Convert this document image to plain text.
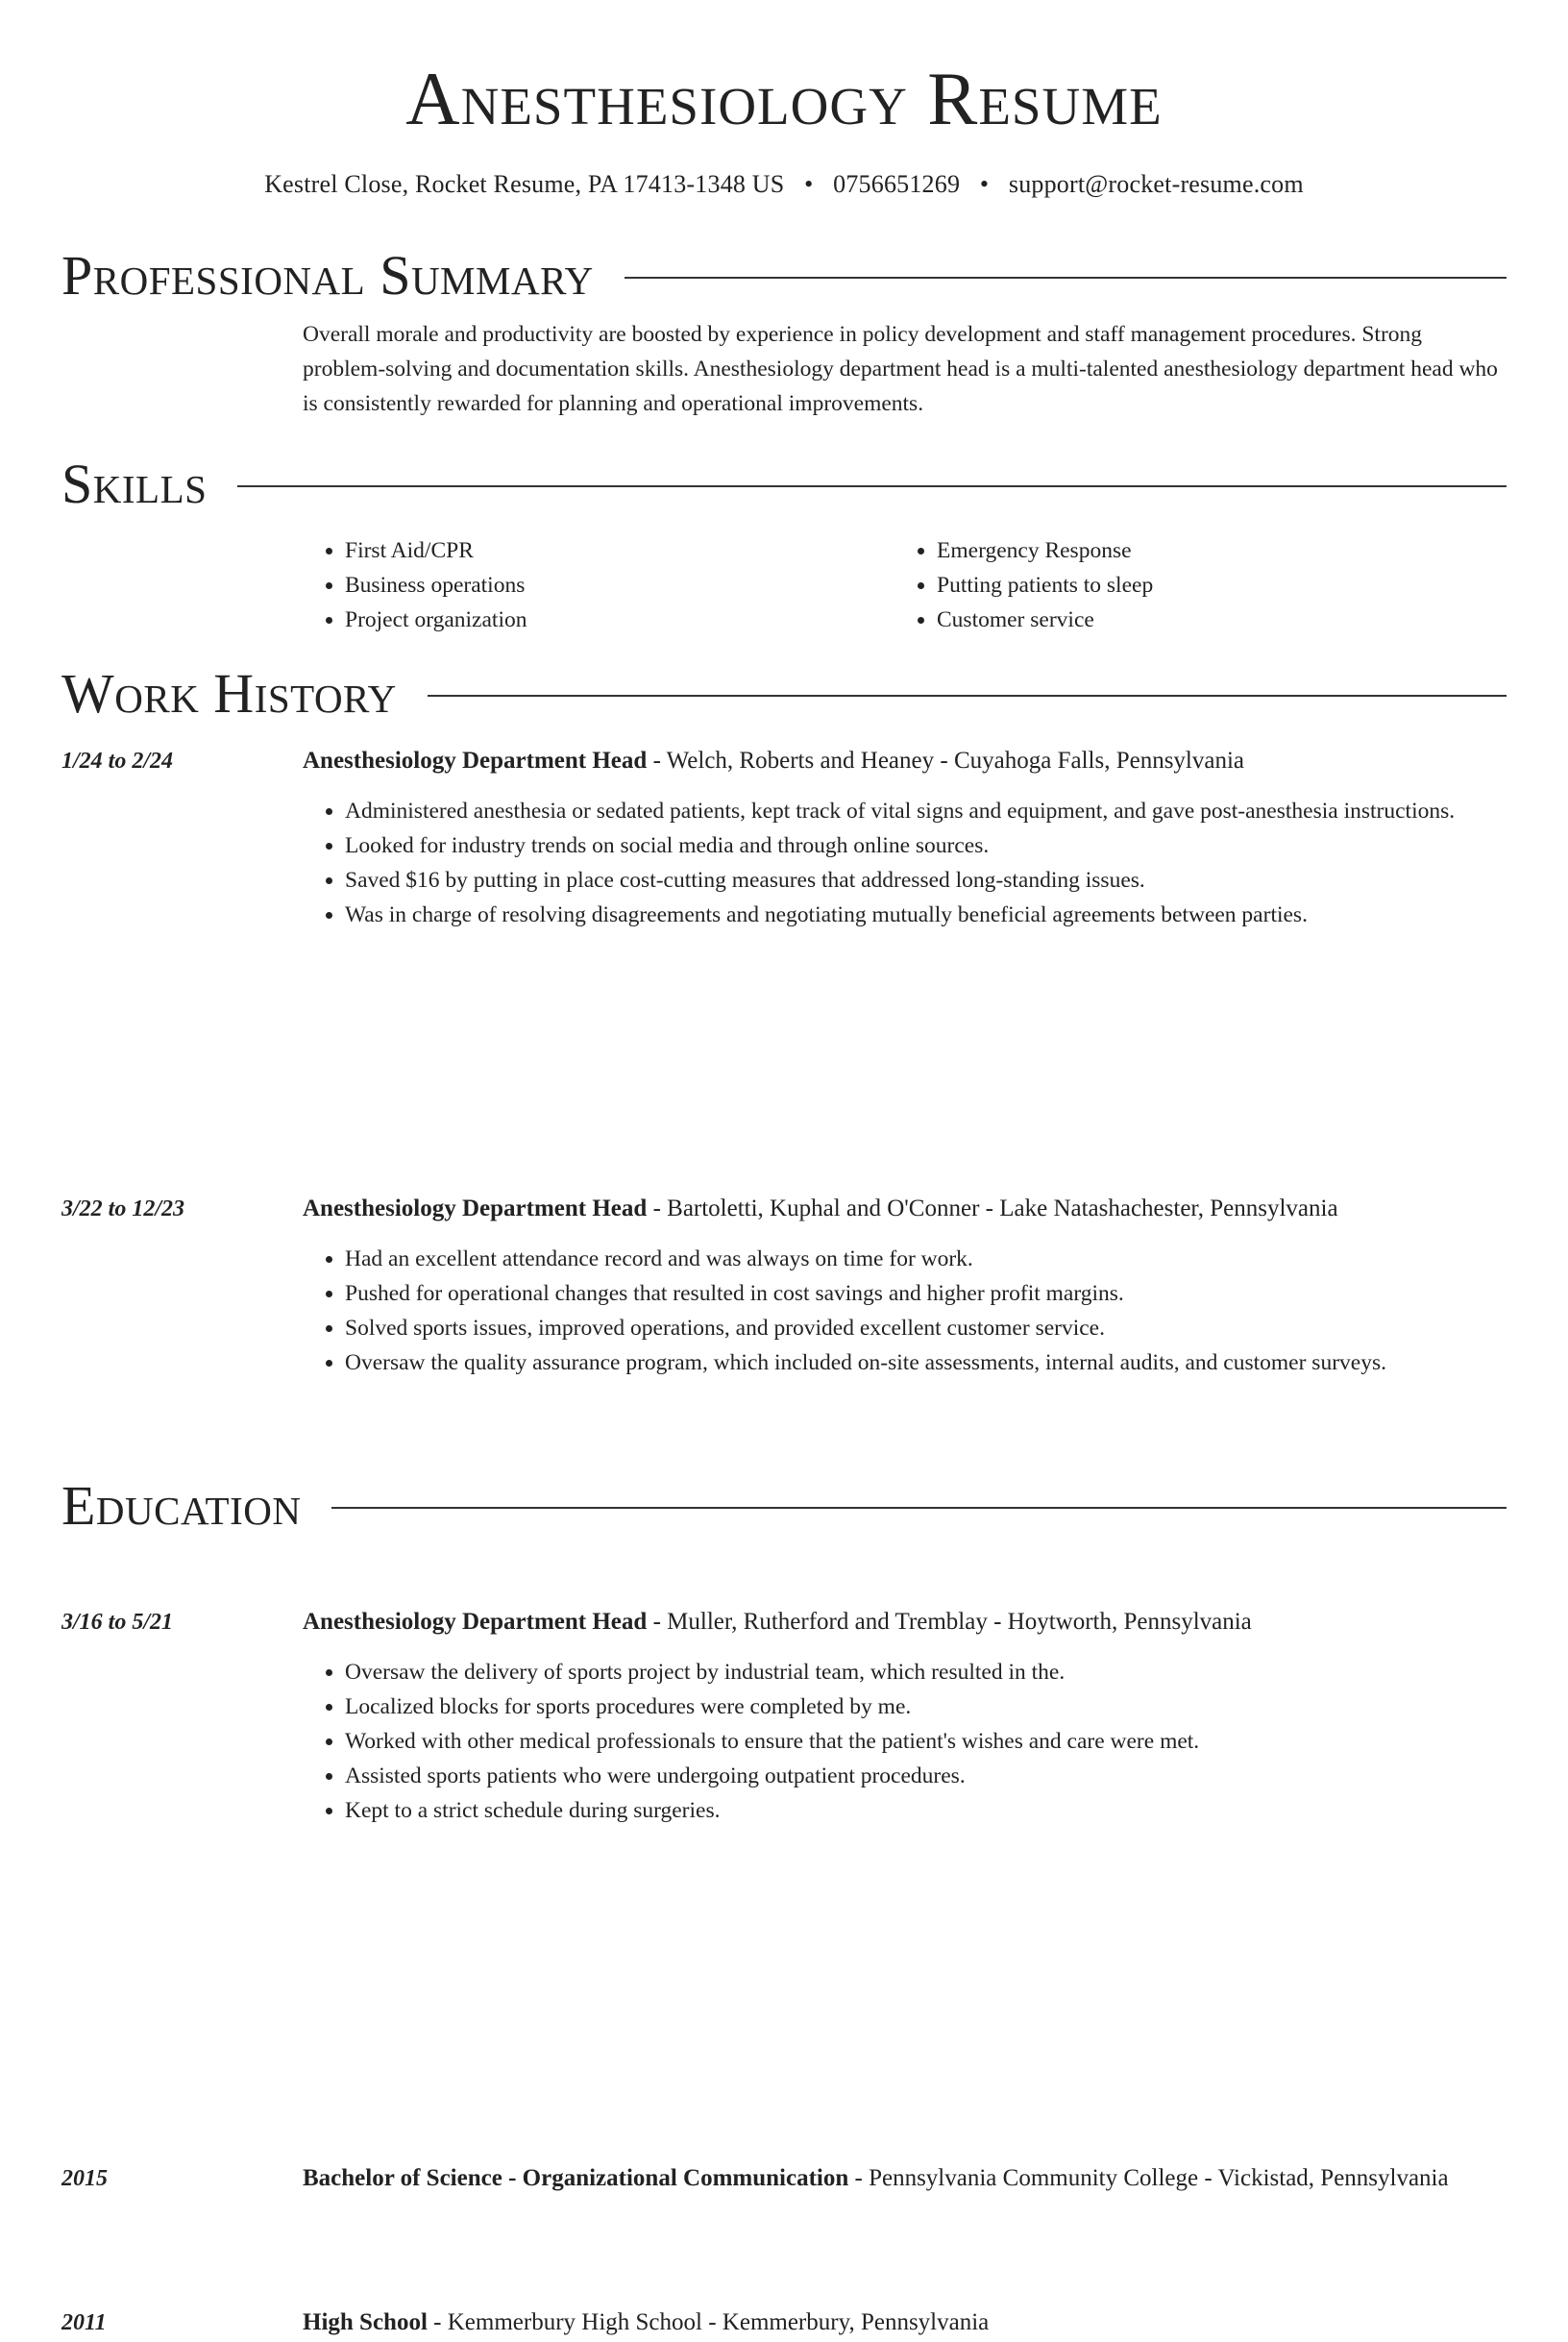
Anesthesiology Resume
Kestrel Close, Rocket Resume, PA 17413-1348 US • 0756651269 • support@rocket-resume.com
Professional Summary

Overall morale and productivity are boosted by experience in policy development and staff management procedures. Strong problem-solving and documentation skills. Anesthesiology department head is a multi-talented anesthesiology department head who is consistently rewarded for planning and operational improvements.

Skills
• First Aid/CPR
• Business operations
• Project organization
• Emergency Response
• Putting patients to sleep
• Customer service
Work History
1/24 to 2/24	Anesthesiology Department Head - Welch, Roberts and Heaney - Cuyahoga Falls, Pennsylvania
• Administered anesthesia or sedated patients, kept track of vital signs and equipment, and gave post-anesthesia instructions.
• Looked for industry trends on social media and through online sources.
• Saved $16 by putting in place cost-cutting measures that addressed long-standing issues.
• Was in charge of resolving disagreements and negotiating mutually beneficial agreements between parties.
3/22 to 12/23	Anesthesiology Department Head - Bartoletti, Kuphal and O'Conner - Lake Natashachester, Pennsylvania
• Had an excellent attendance record and was always on time for work.
• Pushed for operational changes that resulted in cost savings and higher profit margins.
• Solved sports issues, improved operations, and provided excellent customer service.
• Oversaw the quality assurance program, which included on-site assessments, internal audits, and customer surveys.
3/16 to 5/21	Anesthesiology Department Head - Muller, Rutherford and Tremblay - Hoytworth, Pennsylvania
• Oversaw the delivery of sports project by industrial team, which resulted in the.
• Localized blocks for sports procedures were completed by me.
• Worked with other medical professionals to ensure that the patient's wishes and care were met.
• Assisted sports patients who were undergoing outpatient procedures.
• Kept to a strict schedule during surgeries.
Education
2015	Bachelor of Science - Organizational Communication - Pennsylvania Community College - Vickistad, Pennsylvania
2011	High School - Kemmerbury High School - Kemmerbury, Pennsylvania
